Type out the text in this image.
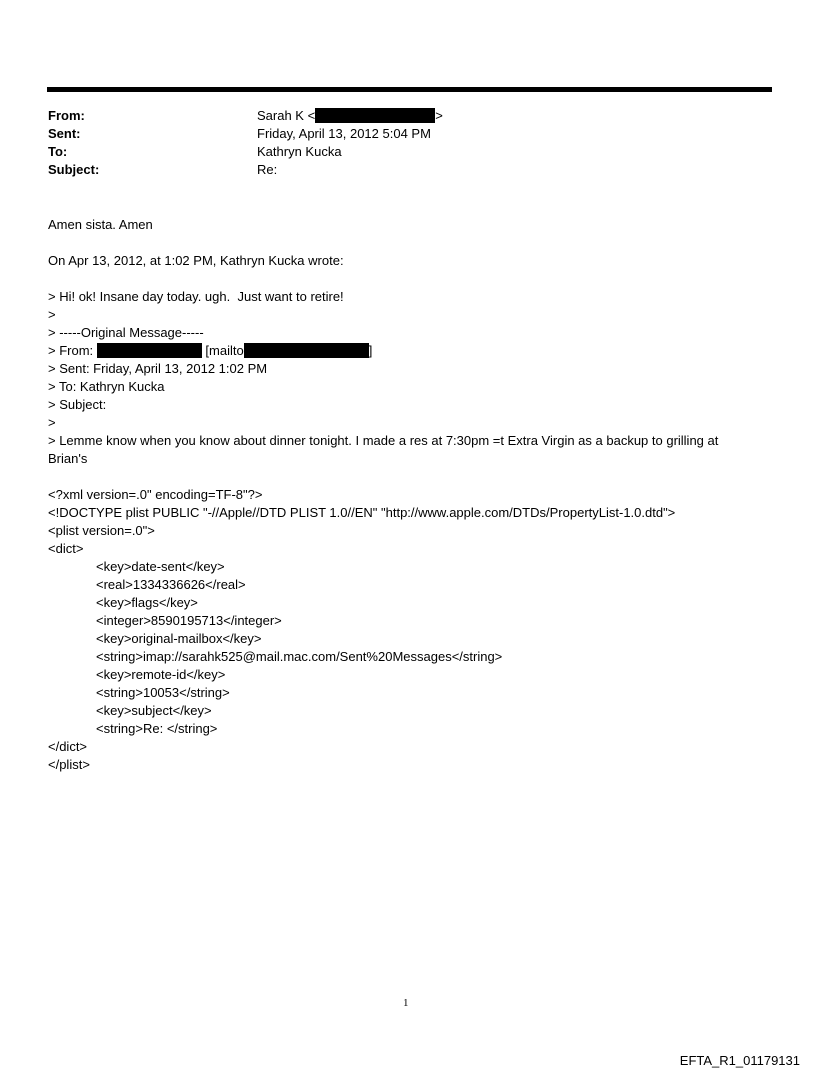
From:	Sarah K <	>
Sent:	Friday, April 13, 2012 5:04 PM
To:	Kathryn Kucka
Subject:	Re:
Amen sista. Amen
On Apr 13, 2012, at 1:02 PM, Kathryn Kucka wrote:
> Hi! ok! Insane day today. ugh.  Just want to retire!
>
> -----Original Message-----
> From:	[mailto	]
> Sent: Friday, April 13, 2012 1:02 PM
> To: Kathryn Kucka
> Subject:
>
> Lemme know when you know about dinner tonight. I made a res at 7:30pm =t Extra Virgin as a backup to grilling at Brian's
<?xml version=.0" encoding=TF-8"?>
<!DOCTYPE plist PUBLIC "-//Apple//DTD PLIST 1.0//EN" "http://www.apple.com/DTDs/PropertyList-1.0.dtd">
<plist version=.0">
<dict>
<key>date-sent</key>
<real>1334336626</real>
<key>flags</key>
<integer>8590195713</integer>
<key>original-mailbox</key>
<string>imap://sarahk525@mail.mac.com/Sent%20Messages</string>
<key>remote-id</key>
<string>10053</string>
<key>subject</key>
<string>Re: </string>
</dict>
</plist>
1
EFTA_R1_01179131
